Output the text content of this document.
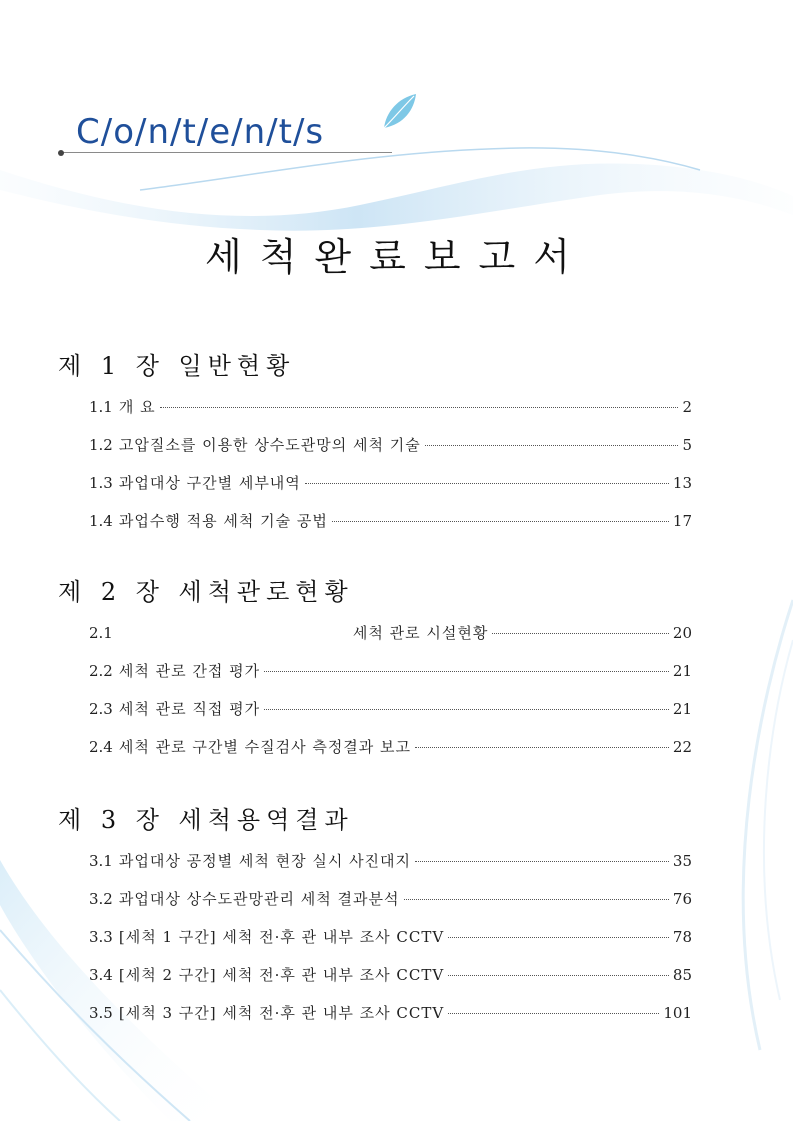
C/o/n/t/e/n/t/s
세척완료보고서
제 1 장 일반현황
1.1 개 요	2
1.2 고압질소를 이용한 상수도관망의 세척 기술	5
1.3 과업대상 구간별 세부내역	13
1.4 과업수행 적용 세척 기술 공법	17
제 2 장 세척관로현황
2.1	세척 관로 시설현황	20
2.2 세척 관로 간접 평가	21
2.3 세척 관로 직접 평가	21
2.4 세척 관로 구간별 수질검사 측정결과 보고	22
제 3 장 세척용역결과
3.1 과업대상 공정별 세척 현장 실시 사진대지	35
3.2 과업대상 상수도관망관리 세척 결과분석	76
3.3 [세척 1 구간] 세척 전·후 관 내부 조사 CCTV	78
3.4 [세척 2 구간] 세척 전·후 관 내부 조사 CCTV	85
3.5 [세척 3 구간] 세척 전·후 관 내부 조사 CCTV	101
